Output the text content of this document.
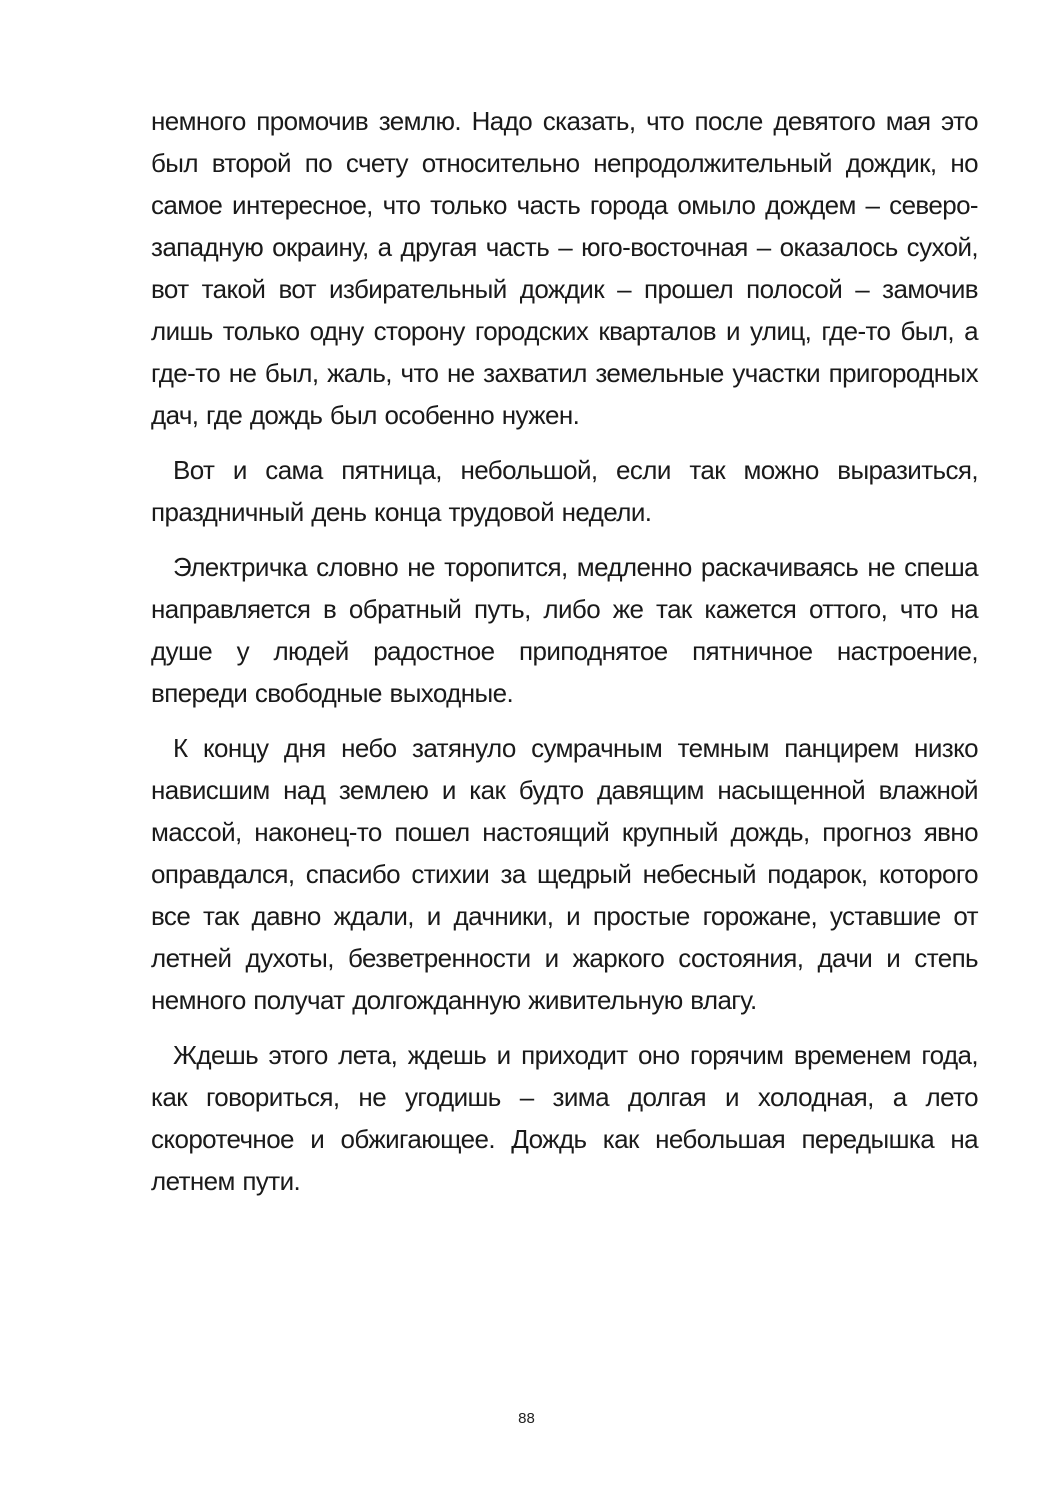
немного промочив землю. Надо сказать, что после девятого мая это был второй по счету относительно непродолжительный дождик, но самое интересное, что только часть города омыло дождем – северо-западную окраину, а другая часть – юго-восточная – оказалось сухой, вот такой вот избирательный дождик – прошел полосой – замочив лишь только одну сторону городских кварталов и улиц, где-то был, а где-то не был, жаль, что не захватил земельные участки пригородных дач, где дождь был особенно нужен.

Вот и сама пятница, небольшой, если так можно выразиться, праздничный день конца трудовой недели.

Электричка словно не торопится, медленно раскачиваясь не спеша направляется в обратный путь, либо же так кажется оттого, что на душе у людей радостное приподнятое пятничное настроение, впереди свободные выходные.

К концу дня небо затянуло сумрачным темным панцирем низко нависшим над землею и как будто давящим насыщенной влажной массой, наконец-то пошел настоящий крупный дождь, прогноз явно оправдался, спасибо стихии за щедрый небесный подарок, которого все так давно ждали, и дачники, и простые горожане, уставшие от летней духоты, безветренности и жаркого состояния, дачи и степь немного получат долгожданную живительную влагу.

Ждешь этого лета, ждешь и приходит оно горячим временем года, как говориться, не угодишь – зима долгая и холодная, а лето скоротечное и обжигающее. Дождь как небольшая передышка на летнем пути.

88
